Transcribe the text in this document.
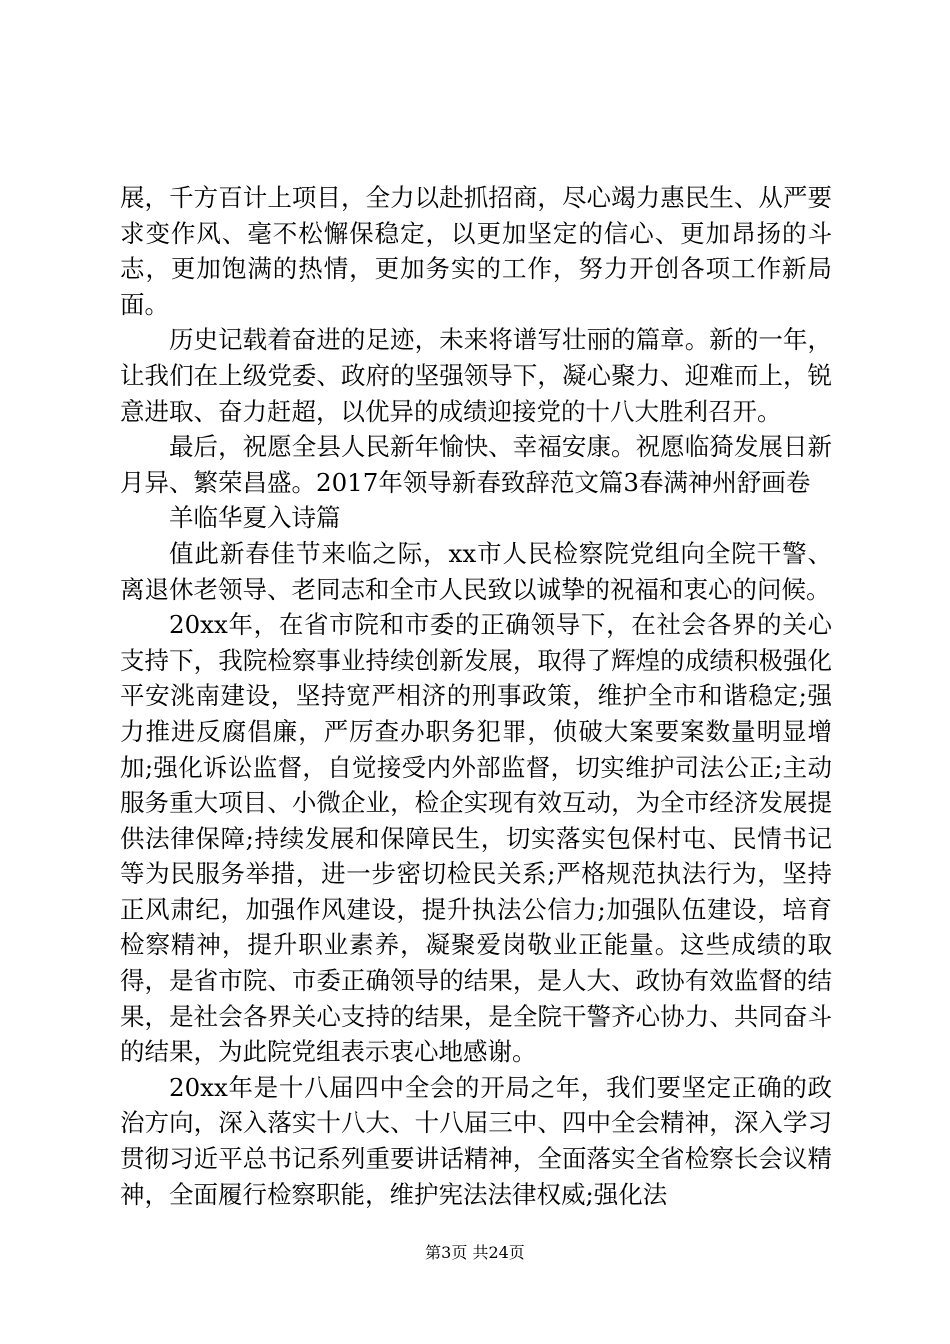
展，千方百计上项目，全力以赴抓招商，尽心竭力惠民生、从严要求变作风、毫不松懈保稳定，以更加坚定的信心、更加昂扬的斗志，更加饱满的热情，更加务实的工作，努力开创各项工作新局面。

历史记载着奋进的足迹，未来将谱写壮丽的篇章。新的一年，让我们在上级党委、政府的坚强领导下，凝心聚力、迎难而上，锐意进取、奋力赶超，以优异的成绩迎接党的十八大胜利召开。

最后，祝愿全县人民新年愉快、幸福安康。祝愿临猗发展日新月异、繁荣昌盛。2017年领导新春致辞范文篇3春满神州舒画卷

羊临华夏入诗篇

值此新春佳节来临之际，xx市人民检察院党组向全院干警、离退休老领导、老同志和全市人民致以诚挚的祝福和衷心的问候。

20xx年，在省市院和市委的正确领导下，在社会各界的关心支持下，我院检察事业持续创新发展，取得了辉煌的成绩积极强化平安洮南建设，坚持宽严相济的刑事政策，维护全市和谐稳定;强力推进反腐倡廉，严厉查办职务犯罪，侦破大案要案数量明显增加;强化诉讼监督，自觉接受内外部监督，切实维护司法公正;主动服务重大项目、小微企业，检企实现有效互动，为全市经济发展提供法律保障;持续发展和保障民生，切实落实包保村屯、民情书记等为民服务举措，进一步密切检民关系;严格规范执法行为，坚持正风肃纪，加强作风建设，提升执法公信力;加强队伍建设，培育检察精神，提升职业素养，凝聚爱岗敬业正能量。这些成绩的取得，是省市院、市委正确领导的结果，是人大、政协有效监督的结果，是社会各界关心支持的结果，是全院干警齐心协力、共同奋斗的结果，为此院党组表示衷心地感谢。

20xx年是十八届四中全会的开局之年，我们要坚定正确的政治方向，深入落实十八大、十八届三中、四中全会精神，深入学习贯彻习近平总书记系列重要讲话精神，全面落实全省检察长会议精神，全面履行检察职能，维护宪法法律权威;强化法

第3页 共24页
